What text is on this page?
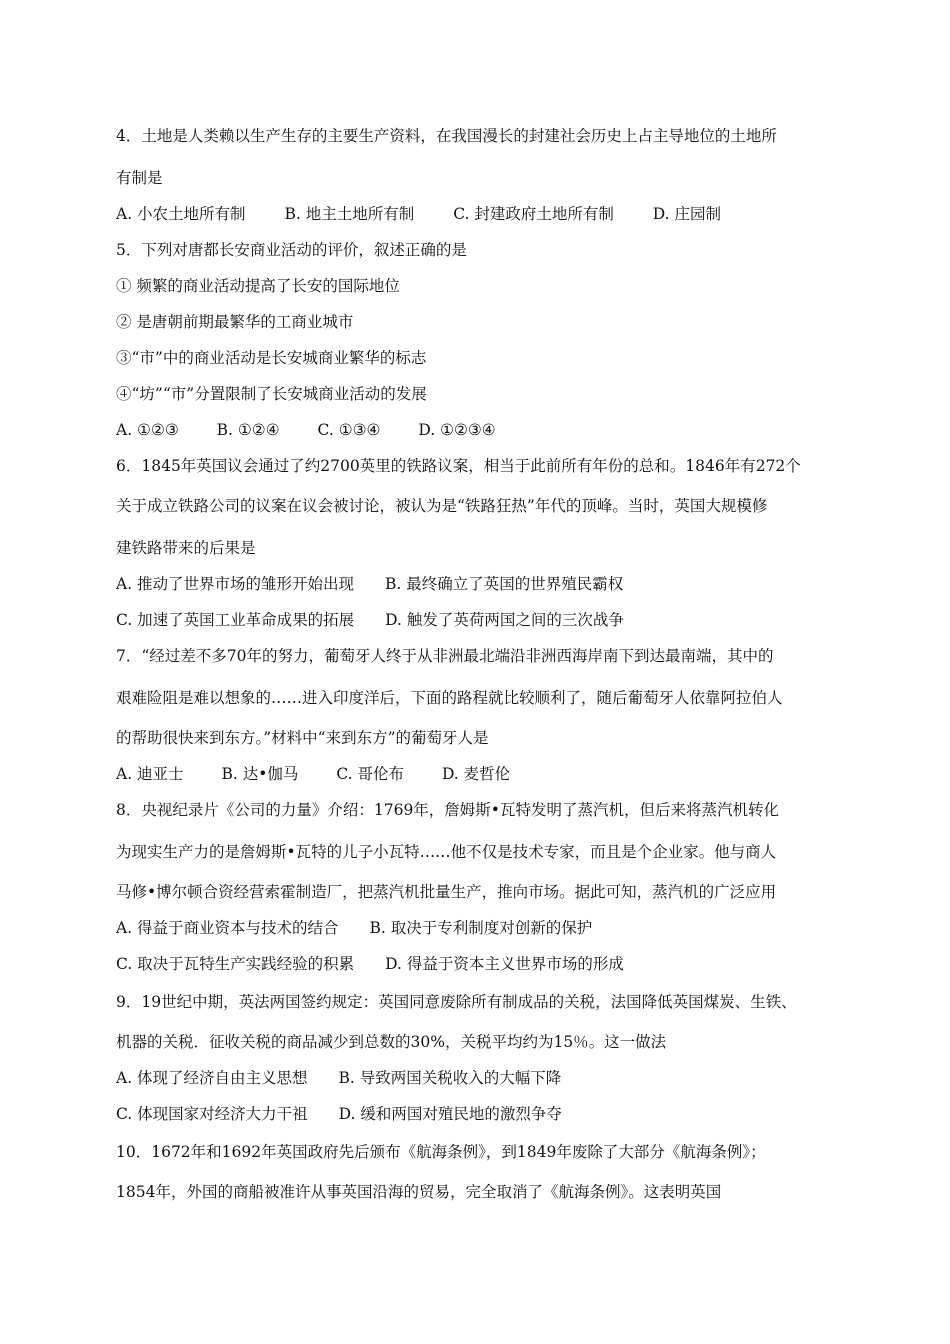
4．土地是人类赖以生产生存的主要生产资料，在我国漫长的封建社会历史上占主导地位的土地所
有制是
A. 小农土地所有制	B. 地主土地所有制	C. 封建政府土地所有制	D. 庄园制
5．下列对唐都长安商业活动的评价，叙述正确的是
① 频繁的商业活动提高了长安的国际地位
② 是唐朝前期最繁华的工商业城市
③“市”中的商业活动是长安城商业繁华的标志
④“坊”“市”分置限制了长安城商业活动的发展
A. ①②③ B. ①②④ C. ①③④ D. ①②③④
6．1845年英国议会通过了约2700英里的铁路议案，相当于此前所有年份的总和。1846年有272个
关于成立铁路公司的议案在议会被讨论，被认为是“铁路狂热”年代的顶峰。当时，英国大规模修
建铁路带来的后果是
A. 推动了世界市场的雏形开始出现 B. 最终确立了英国的世界殖民霸权
C. 加速了英国工业革命成果的拓展 D. 触发了英荷两国之间的三次战争
7．“经过差不多70年的努力，葡萄牙人终于从非洲最北端沿非洲西海岸南下到达最南端，其中的
艰难险阻是难以想象的……进入印度洋后，下面的路程就比较顺利了，随后葡萄牙人依靠阿拉伯人
的帮助很快来到东方。”材料中“来到东方”的葡萄牙人是
A. 迪亚士 B. 达•伽马 C. 哥伦布 D. 麦哲伦
8．央视纪录片《公司的力量》介绍：1769年，詹姆斯•瓦特发明了蒸汽机，但后来将蒸汽机转化
为现实生产力的是詹姆斯•瓦特的儿子小瓦特……他不仅是技术专家，而且是个企业家。他与商人
马修•博尔顿合资经营索霍制造厂，把蒸汽机批量生产，推向市场。据此可知，蒸汽机的广泛应用
A. 得益于商业资本与技术的结合 B. 取决于专利制度对创新的保护
C. 取决于瓦特生产实践经验的积累 D. 得益于资本主义世界市场的形成
9．19世纪中期，英法两国签约规定：英国同意废除所有制成品的关税，法国降低英国煤炭、生铁、
机器的关税．征收关税的商品减少到总数的30%，关税平均约为15％。这一做法
A. 体现了经济自由主义思想 B. 导致两国关税收入的大幅下降
C. 体现国家对经济大力干祖 D. 缓和两国对殖民地的激烈争夺
10．1672年和1692年英国政府先后颁布《航海条例》，到1849年废除了大部分《航海条例》；
1854年，外国的商船被准许从事英国沿海的贸易，完全取消了《航海条例》。这表明英国
